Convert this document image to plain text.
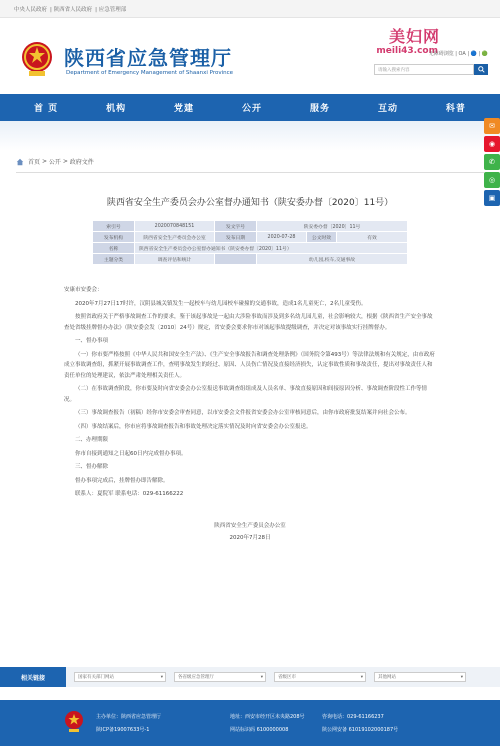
中央人民政府 | 陕西省人民政府 | 应急管理部
陕西省应急管理厅
Department of Emergency Management of Shaanxi Province
美妇网
meili43.com
无障碍浏览 | OA | 🔵 | 🟢
请输入搜索内容
首 页	机构	党建	公开	服务	互动	科普
✉
◉
✆
◎
▣
首页
>
公开
>
政府文件
陕西省安全生产委员会办公室督办通知书（陕安委办督〔2020〕11号）
索引号	2020070848151	发文字号	陕安委办督〔2020〕11号		
发布机构	陕西省安全生产委员会办公室	发布日期	2020-07-28	公文时效	有效
名称	陕西省安全生产委员会办公室督办通知书（陕安委办督〔2020〕11号）				
主题分类	调查评估和统计		幼儿园,校车,交通事故		

安康市安委会：

2020年7月27日17时许，汉阴县城关镇发生一起校车与幼儿园校车碰撞的交通事故，造成1名儿童死亡，2名儿童受伤。

按照省政府关于严格事故调查工作的要求，鉴于该起事故是一起由大涉险事故而涉及到多名幼儿园儿童，社会影响较大，根据《陕西省生产安全事故查处省级挂牌督办办法》（陕安委会发〔2010〕24号）规定，省安委会要求你市对该起事故提级调查，并决定对该事故实行挂牌督办。

一、督办事项

（一）你市要严格按照《中华人民共和国安全生产法》、《生产安全事故报告和调查处理条例》（国务院令第493号）等法律法规和有关规定，由市政府成立事故调查组，抓紧开展事故调查工作，查明事故发生的经过、原因、人员伤亡情况及直接经济损失，认定事故性质和事故责任，提出对事故责任人和责任单位的处理建议，依法严肃处理相关责任人。

（二）在事故调查阶段，你市要及时向省安委会办公室报送事故调查组组成及人员名单、事故直接原因和间接原因分析、事故调查阶段性工作等情况。

（三）事故调查报告（初稿）经你市安委会审查同意，以市安委会文件报省安委会办公室审核同意后，由你市政府批复结案并向社会公布。

（四）事故结案后，你市应将事故调查报告和事故处理决定落实情况及时向省安委会办公室报送。

二、办理期限

你市自接到通知之日起60日内完成督办事项。

三、督办解除

督办事项完成后，挂牌督办即告解除。

联系人：夏院军 联系电话：029-61166222

陕西省安全生产委员会办公室
2020年7月28日
相关链接	国家有关部门网站	▾	各省级应急管理厅	▾	省级区市	▾	其他网站	▾
主办单位：陕西省应急管理厅
陕ICP备19007633号-1
地址：西安市经开区未央路208号
网站标识码 6100000008
咨询电话：029-61166237
陕公网安备 61019102000187号
